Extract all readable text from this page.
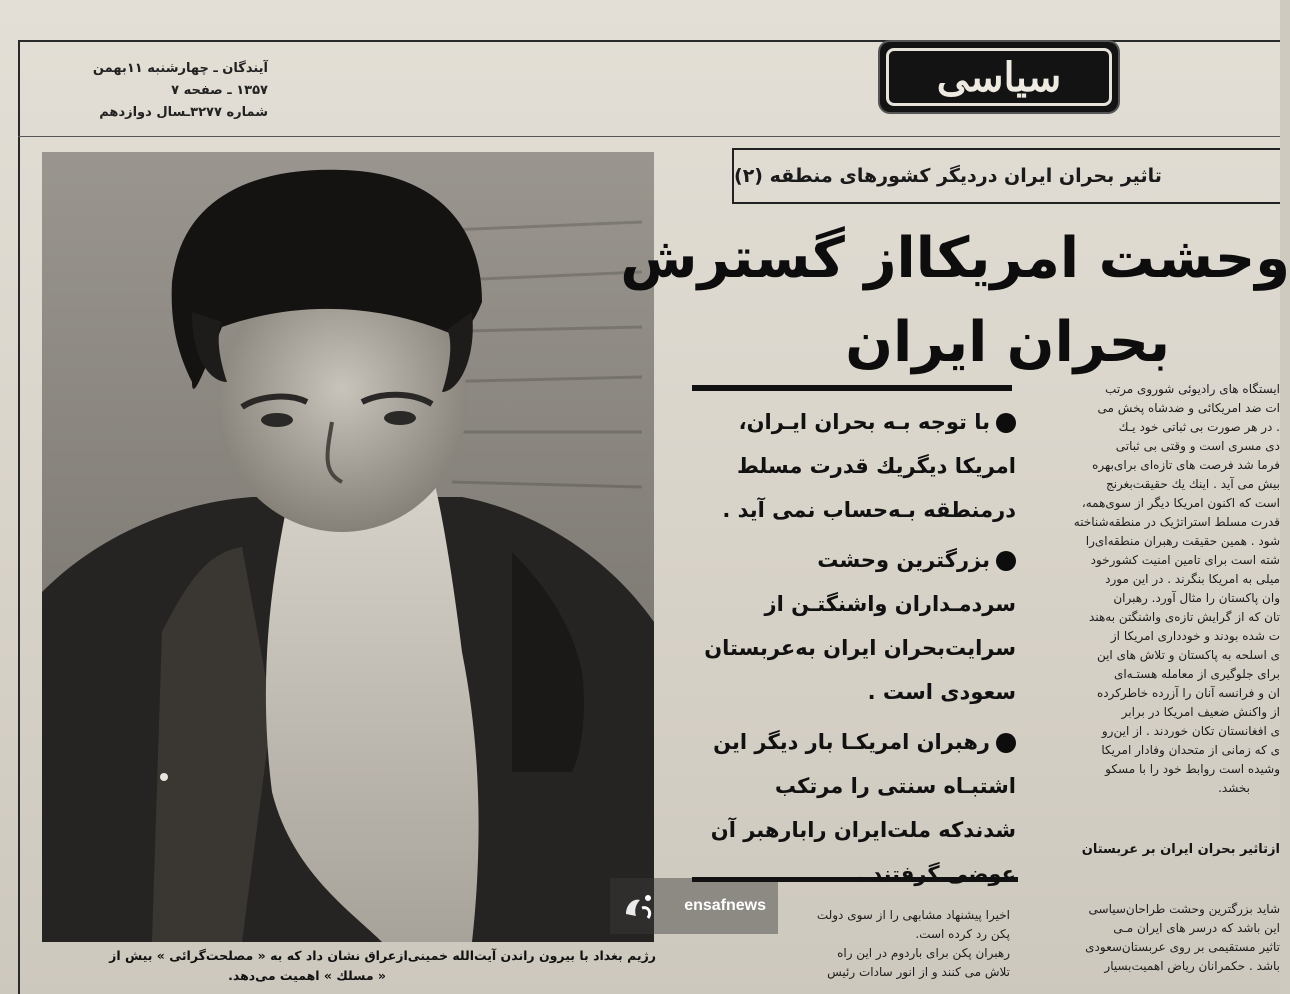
آیندگان ـ چهارشنبه ۱۱بهمن
۱۳۵۷ ـ صفحه ۷
شماره ۳۲۷۷ـسال دوازدهم
سیاسی
ensafnews
رژیم بغداد با بیرون راندن آیت‌الله خمینی‌ازعراق نشان داد که به « مصلحت‌گرائی » بیش از
« مسلك » اهمیت می‌دهد.
تاثیر بحران ایران دردیگر کشورهای منطقه (۲)
وحشت امریکااز گسترش
بحران ایران

با توجه بـه بحران ایـران، امریکا دیگریك قدرت مسلط درمنطقه بـه‌حساب نمی آید .

بزرگترین وحشت سردمـداران واشنگتـن از سرایت‌بحران ایران به‌عربستان سعودی است .

رهبران امریکـا بار دیگر این اشتبـاه سنتی را مرتکب شدندکه ملت‌ایران رابارهبر آن عوضی گرفتند .

ایستگاه های رادیوئی شوروی مرتب
ات ضد امریکائی و ضدشاه پخش می
. در هر صورت بی ثباتی خود یـك
دی مسری است و وقتی بی ثباتی
فرما شد فرصت های تازه‌ای برای‌بهره
بیش می آید . اینك یك حقیقت‌بغرنج
است که اکنون امریکا دیگر از سوی‌همه،
قدرت مسلط استراتژیک در منطقه‌شناخته
شود . همین حقیقت رهبران منطقه‌ای‌را
شته است برای تامین امنیت کشورخود
میلی به امریکا بنگرند . در این مورد
وان پاکستان را مثال آورد. رهبران
تان که از گرایش تازه‌ی واشنگتن به‌هند
ت شده بودند و خودداری امریکا از
ی اسلحه به پاکستان و تلاش های این
برای جلوگیری از معامله هستـه‌ای
ان و فرانسه آنان را آزرده خاطرکرده
از واکنش ضعیف امریکا در برابر
ی افغانستان تکان خوردند . از این‌رو
ی که زمانی از متحدان وفادار امریکا
وشیده است روابط خود را با مسکو
بخشد.
ازتاثیر بحران ایران بر عربستان
شاید بزرگترین وحشت طراحان‌سیاسی
این باشد که درسر های ایران مـی
تاثیر مستقیمی بر روی عربستان‌سعودی
باشد . حکمرانان ریاض اهمیت‌بسیار
اخیرا پیشنهاد مشابهی را از سوی دولت
پکن رد کرده است.
رهبران پکن برای باردوم در این راه
تلاش می کنند و از انور سادات رئیس
